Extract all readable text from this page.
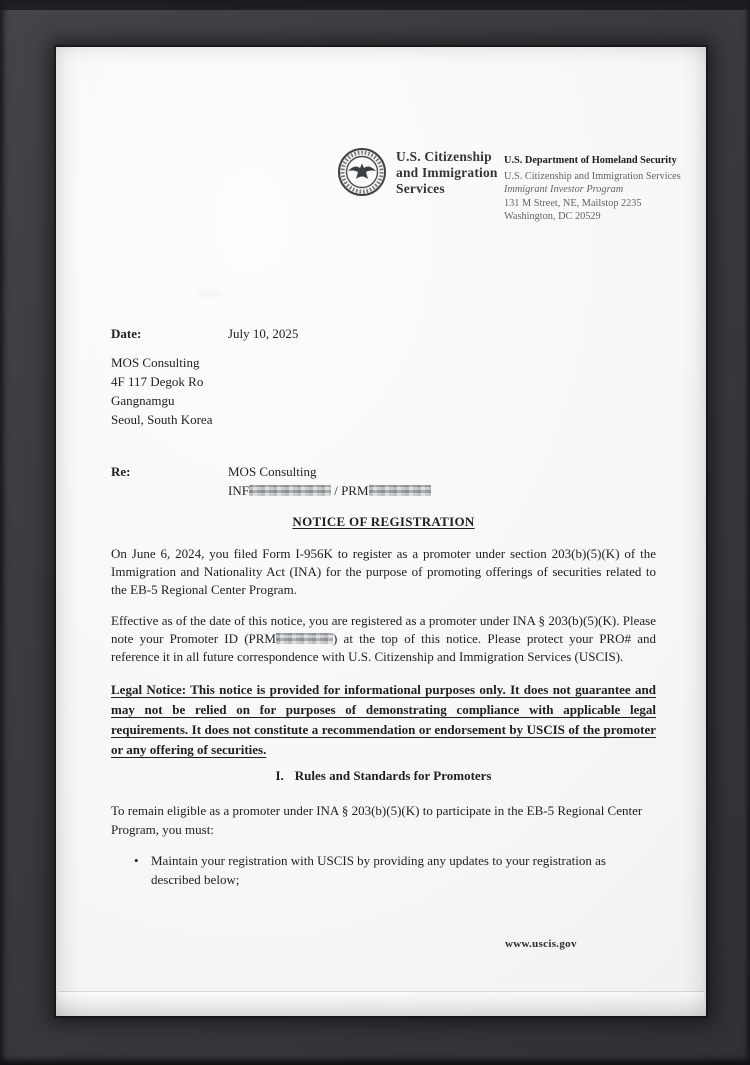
U.S. Citizenship
and Immigration
Services
U.S. Department of Homeland Security
U.S. Citizenship and Immigration Services
Immigrant Investor Program
131 M Street, NE, Mailstop 2235
Washington, DC 20529
Date:	July 10, 2025
MOS Consulting
4F 117 Degok Ro
Gangnamgu
Seoul, South Korea
Re:	MOS Consulting
INF	/ PRM
NOTICE OF REGISTRATION
On June 6, 2024, you filed Form I-956K to register as a promoter under section 203(b)(5)(K) of the Immigration and Nationality Act (INA) for the purpose of promoting offerings of securities related to the EB-5 Regional Center Program.
Effective as of the date of this notice, you are registered as a promoter under INA § 203(b)(5)(K). Please note your Promoter ID (PRM	) at the top of this notice. Please protect your PRO# and reference it in all future correspondence with U.S. Citizenship and Immigration Services (USCIS).
Legal Notice: This notice is provided for informational purposes only. It does not guarantee and may not be relied on for purposes of demonstrating compliance with applicable legal requirements. It does not constitute a recommendation or endorsement by USCIS of the promoter or any offering of securities.
I. Rules and Standards for Promoters
To remain eligible as a promoter under INA § 203(b)(5)(K) to participate in the EB-5 Regional Center Program, you must:
• Maintain your registration with USCIS by providing any updates to your registration as described below;
www.uscis.gov
